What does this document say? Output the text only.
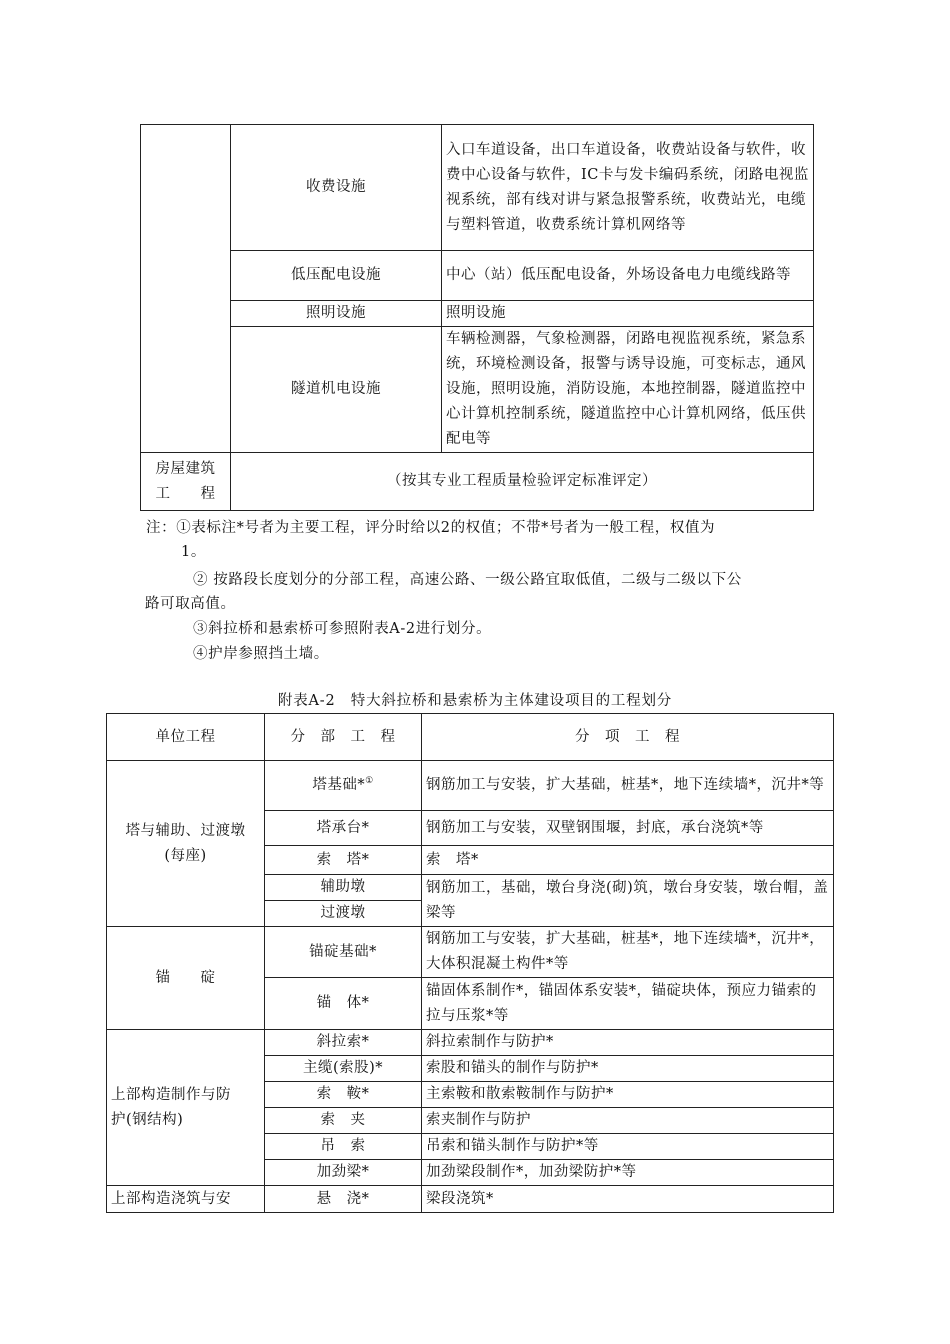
	收费设施	入口车道设备，出口车道设备，收费站设备与软件，收费中心设备与软件，IC卡与发卡编码系统，闭路电视监视系统，部有线对讲与紧急报警系统，收费站光，电缆与塑料管道，收费系统计算机网络等
	低压配电设施	中心（站）低压配电设备，外场设备电力电缆线路等
	照明设施	照明设施
	隧道机电设施	车辆检测器，气象检测器，闭路电视监视系统，紧急系统，环境检测设备，报警与诱导设施，可变标志，通风设施，照明设施，消防设施，本地控制器，隧道监控中心计算机控制系统，隧道监控中心计算机网络，低压供配电等

房屋建筑
工　　程	（按其专业工程质量检验评定标准评定）	
注：①表标注*号者为主要工程，评分时给以2的权值；不带*号者为一般工程，权值为
1。
② 按路段长度划分的分部工程，高速公路、一级公路宜取低值，二级与二级以下公
路可取高值。
③斜拉桥和悬索桥可参照附表A-2进行划分。
④护岸参照挡土墙。
附表A-2　特大斜拉桥和悬索桥为主体建设项目的工程划分
单位工程	分　部　工　程	分　项　工　程

塔与辅助、过渡墩
(每座)	塔基础*①	钢筋加工与安装，扩大基础，桩基*，地下连续墙*，沉井*等
	塔承台*	钢筋加工与安装，双壁钢围堰，封底，承台浇筑*等
	索　塔*	索　塔*
	辅助墩	钢筋加工，基础，墩台身浇(砌)筑，墩台身安装，墩台帽，盖梁等
	过渡墩	
锚　　碇	锚碇基础*	钢筋加工与安装，扩大基础，桩基*，地下连续墙*，沉井*，大体积混凝土构件*等
	锚　体*	锚固体系制作*，锚固体系安装*，锚碇块体，预应力锚索的拉与压浆*等

上部构造制作与防
护(钢结构)	斜拉索*	斜拉索制作与防护*
	主缆(索股)*	索股和锚头的制作与防护*
	索　鞍*	主索鞍和散索鞍制作与防护*
	索　夹	索夹制作与防护
	吊　索	吊索和锚头制作与防护*等
	加劲梁*	加劲梁段制作*，加劲梁防护*等
上部构造浇筑与安	悬　浇*	梁段浇筑*
